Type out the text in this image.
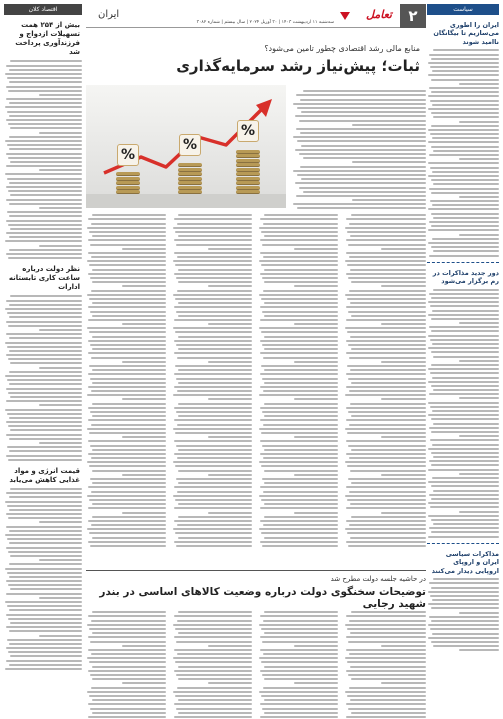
۲
تعامل
سه‌شنبه ۱۱ اردیبهشت ۱۴۰۳ | ۳۰ آوریل ۲۰۲۴ | سال بیستم | شماره ۳۰۸۲
ایران
اقتصاد کلان
بیش از ۲۵۴ همت تسهیلات ازدواج و فرزندآوری پرداخت شد
نظر دولت درباره ساعت کاری تابستانه ادارات
قیمت انرژی و مواد غذایی کاهش می‌یابد
سیاست
ایران را اطوری می‌سازیم تا بیگانگان ناامید شوند
دور جدید مذاکرات در رم برگزار می‌شود
مذاکرات سیاسی ایران و اروپای اروپایی دیدار می‌کنند
منابع مالی رشد اقتصادی چطور تامین می‌شود؟
ثبات؛ پیش‌نیاز رشد سرمایه‌گذاری
%
%
%
در حاشیه جلسه دولت مطرح شد
توضیحات سخنگوی دولت درباره وضعیت کالاهای اساسی در بندر شهید رجایی
